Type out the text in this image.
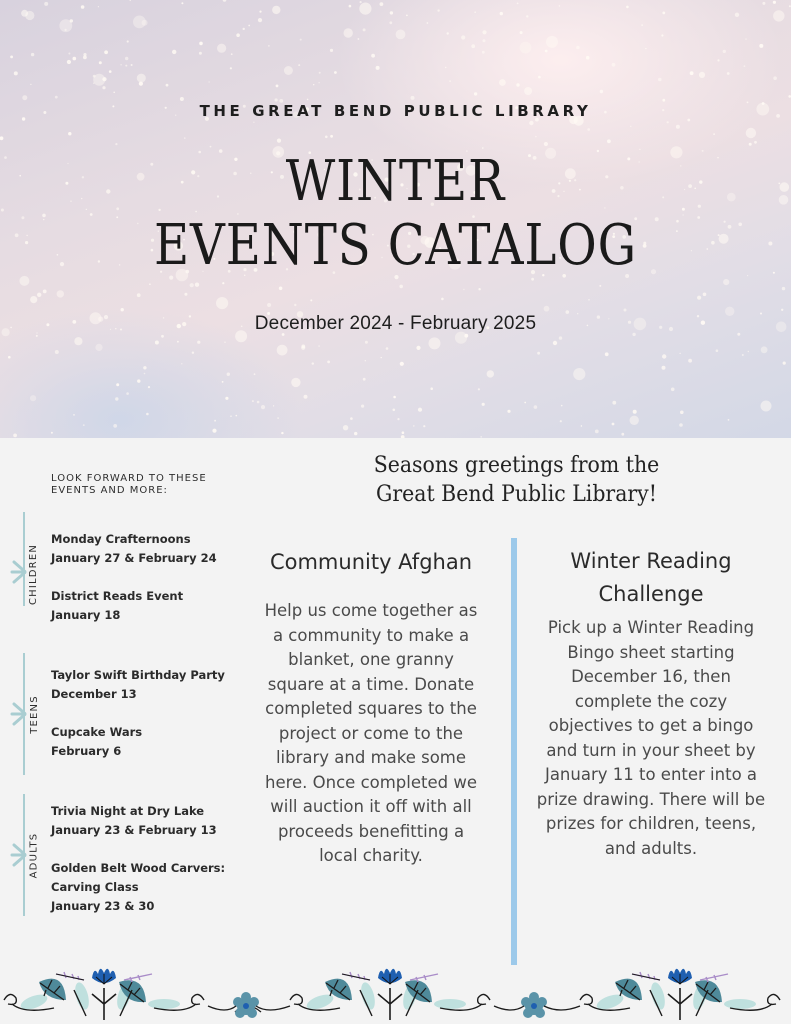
THE GREAT BEND PUBLIC LIBRARY
WINTER
EVENTS CATALOG
December 2024 - February 2025
LOOK FORWARD TO THESE EVENTS AND MORE:
CHILDREN
Monday Crafternoons
January 27 & February 24
District Reads Event
January 18
TEENS
Taylor Swift Birthday Party
December 13
Cupcake Wars
February 6
ADULTS
Trivia Night at Dry Lake
January 23 & February 13
Golden Belt Wood Carvers:
Carving Class
January 23 & 30
Seasons greetings from the
Great Bend Public Library!
Community Afghan

Help us come together as a community to make a blanket, one granny square at a time. Donate completed squares to the project or come to the library and make some here. Once completed we will auction it off with all proceeds benefitting a local charity.

Winter Reading Challenge

Pick up a Winter Reading Bingo sheet starting December 16, then complete the cozy objectives to get a bingo and turn in your sheet by January 11 to enter into a prize drawing. There will be prizes for children, teens, and adults.
